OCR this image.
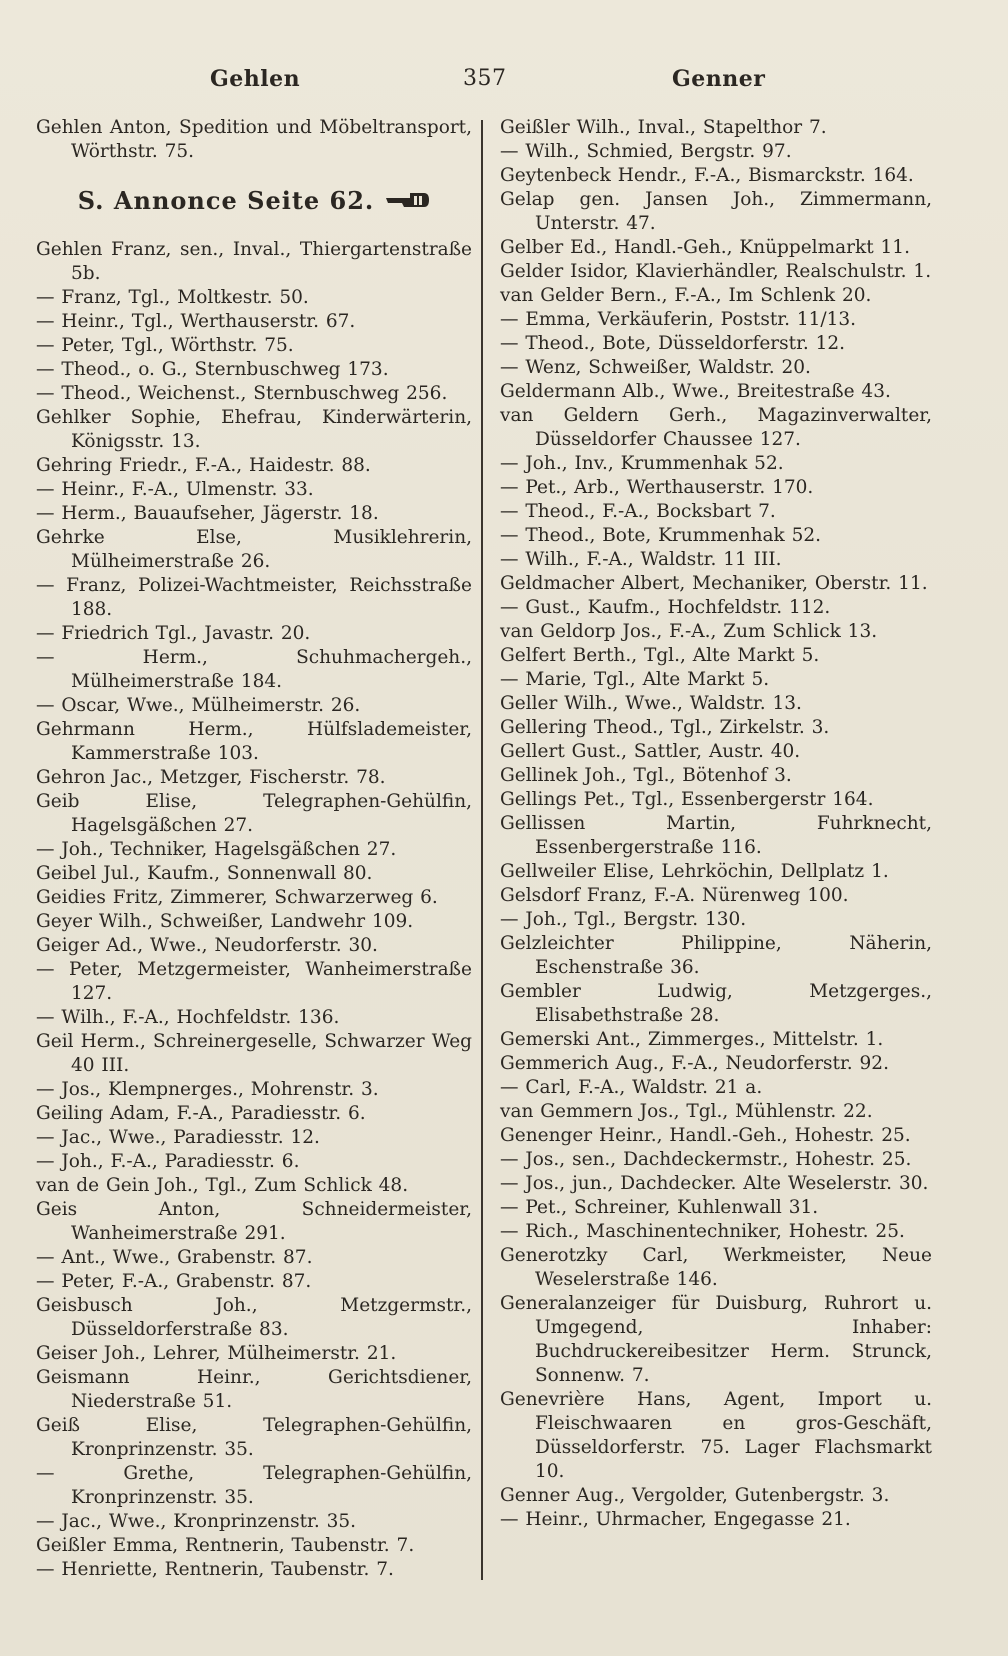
Gehlen	357	Genner
Gehlen Anton, Spedition und Möbeltransport, Wörthstr. 75.
S. Annonce Seite 62.
Gehlen Franz, sen., Inval., Thiergartenstraße 5b.
— Franz, Tgl., Moltkestr. 50.
— Heinr., Tgl., Werthauserstr. 67.
— Peter, Tgl., Wörthstr. 75.
— Theod., o. G., Sternbuschweg 173.
— Theod., Weichenst., Sternbuschweg 256.
Gehlker Sophie, Ehefrau, Kinderwärterin, Königsstr. 13.
Gehring Friedr., F.-A., Haidestr. 88.
— Heinr., F.-A., Ulmenstr. 33.
— Herm., Bauaufseher, Jägerstr. 18.
Gehrke Else, Musiklehrerin, Mülheimerstraße 26.
— Franz, Polizei-Wachtmeister, Reichsstraße 188.
— Friedrich Tgl., Javastr. 20.
— Herm., Schuhmachergeh., Mülheimerstraße 184.
— Oscar, Wwe., Mülheimerstr. 26.
Gehrmann Herm., Hülfslademeister, Kammerstraße 103.
Gehron Jac., Metzger, Fischerstr. 78.
Geib Elise, Telegraphen-Gehülfin, Hagelsgäßchen 27.
— Joh., Techniker, Hagelsgäßchen 27.
Geibel Jul., Kaufm., Sonnenwall 80.
Geidies Fritz, Zimmerer, Schwarzerweg 6.
Geyer Wilh., Schweißer, Landwehr 109.
Geiger Ad., Wwe., Neudorferstr. 30.
— Peter, Metzgermeister, Wanheimerstraße 127.
— Wilh., F.-A., Hochfeldstr. 136.
Geil Herm., Schreinergeselle, Schwarzer Weg 40 III.
— Jos., Klempnerges., Mohrenstr. 3.
Geiling Adam, F.-A., Paradiesstr. 6.
— Jac., Wwe., Paradiesstr. 12.
— Joh., F.-A., Paradiesstr. 6.
van de Gein Joh., Tgl., Zum Schlick 48.
Geis Anton, Schneidermeister, Wanheimerstraße 291.
— Ant., Wwe., Grabenstr. 87.
— Peter, F.-A., Grabenstr. 87.
Geisbusch Joh., Metzgermstr., Düsseldorferstraße 83.
Geiser Joh., Lehrer, Mülheimerstr. 21.
Geismann Heinr., Gerichtsdiener, Niederstraße 51.
Geiß Elise, Telegraphen-Gehülfin, Kronprinzenstr. 35.
— Grethe, Telegraphen-Gehülfin, Kronprinzenstr. 35.
— Jac., Wwe., Kronprinzenstr. 35.
Geißler Emma, Rentnerin, Taubenstr. 7.
— Henriette, Rentnerin, Taubenstr. 7.
Geißler Wilh., Inval., Stapelthor 7.
— Wilh., Schmied, Bergstr. 97.
Geytenbeck Hendr., F.-A., Bismarckstr. 164.
Gelap gen. Jansen Joh., Zimmermann, Unterstr. 47.
Gelber Ed., Handl.-Geh., Knüppelmarkt 11.
Gelder Isidor, Klavierhändler, Realschulstr. 1.
van Gelder Bern., F.-A., Im Schlenk 20.
— Emma, Verkäuferin, Poststr. 11/13.
— Theod., Bote, Düsseldorferstr. 12.
— Wenz, Schweißer, Waldstr. 20.
Geldermann Alb., Wwe., Breitestraße 43.
van Geldern Gerh., Magazinverwalter, Düsseldorfer Chaussee 127.
— Joh., Inv., Krummenhak 52.
— Pet., Arb., Werthauserstr. 170.
— Theod., F.-A., Bocksbart 7.
— Theod., Bote, Krummenhak 52.
— Wilh., F.-A., Waldstr. 11 III.
Geldmacher Albert, Mechaniker, Oberstr. 11.
— Gust., Kaufm., Hochfeldstr. 112.
van Geldorp Jos., F.-A., Zum Schlick 13.
Gelfert Berth., Tgl., Alte Markt 5.
— Marie, Tgl., Alte Markt 5.
Geller Wilh., Wwe., Waldstr. 13.
Gellering Theod., Tgl., Zirkelstr. 3.
Gellert Gust., Sattler, Austr. 40.
Gellinek Joh., Tgl., Bötenhof 3.
Gellings Pet., Tgl., Essenbergerstr 164.
Gellissen Martin, Fuhrknecht, Essenbergerstraße 116.
Gellweiler Elise, Lehrköchin, Dellplatz 1.
Gelsdorf Franz, F.-A. Nürenweg 100.
— Joh., Tgl., Bergstr. 130.
Gelzleichter Philippine, Näherin, Eschenstraße 36.
Gembler Ludwig, Metzgerges., Elisabethstraße 28.
Gemerski Ant., Zimmerges., Mittelstr. 1.
Gemmerich Aug., F.-A., Neudorferstr. 92.
— Carl, F.-A., Waldstr. 21 a.
van Gemmern Jos., Tgl., Mühlenstr. 22.
Genenger Heinr., Handl.-Geh., Hohestr. 25.
— Jos., sen., Dachdeckermstr., Hohestr. 25.
— Jos., jun., Dachdecker. Alte Weselerstr. 30.
— Pet., Schreiner, Kuhlenwall 31.
— Rich., Maschinentechniker, Hohestr. 25.
Generotzky Carl, Werkmeister, Neue Weselerstraße 146.
Generalanzeiger für Duisburg, Ruhrort u. Umgegend, Inhaber: Buchdruckereibesitzer Herm. Strunck, Sonnenw. 7.
Genevrière Hans, Agent, Import u. Fleischwaaren en gros-Geschäft, Düsseldorferstr. 75. Lager Flachsmarkt 10.
Genner Aug., Vergolder, Gutenbergstr. 3.
— Heinr., Uhrmacher, Engegasse 21.
